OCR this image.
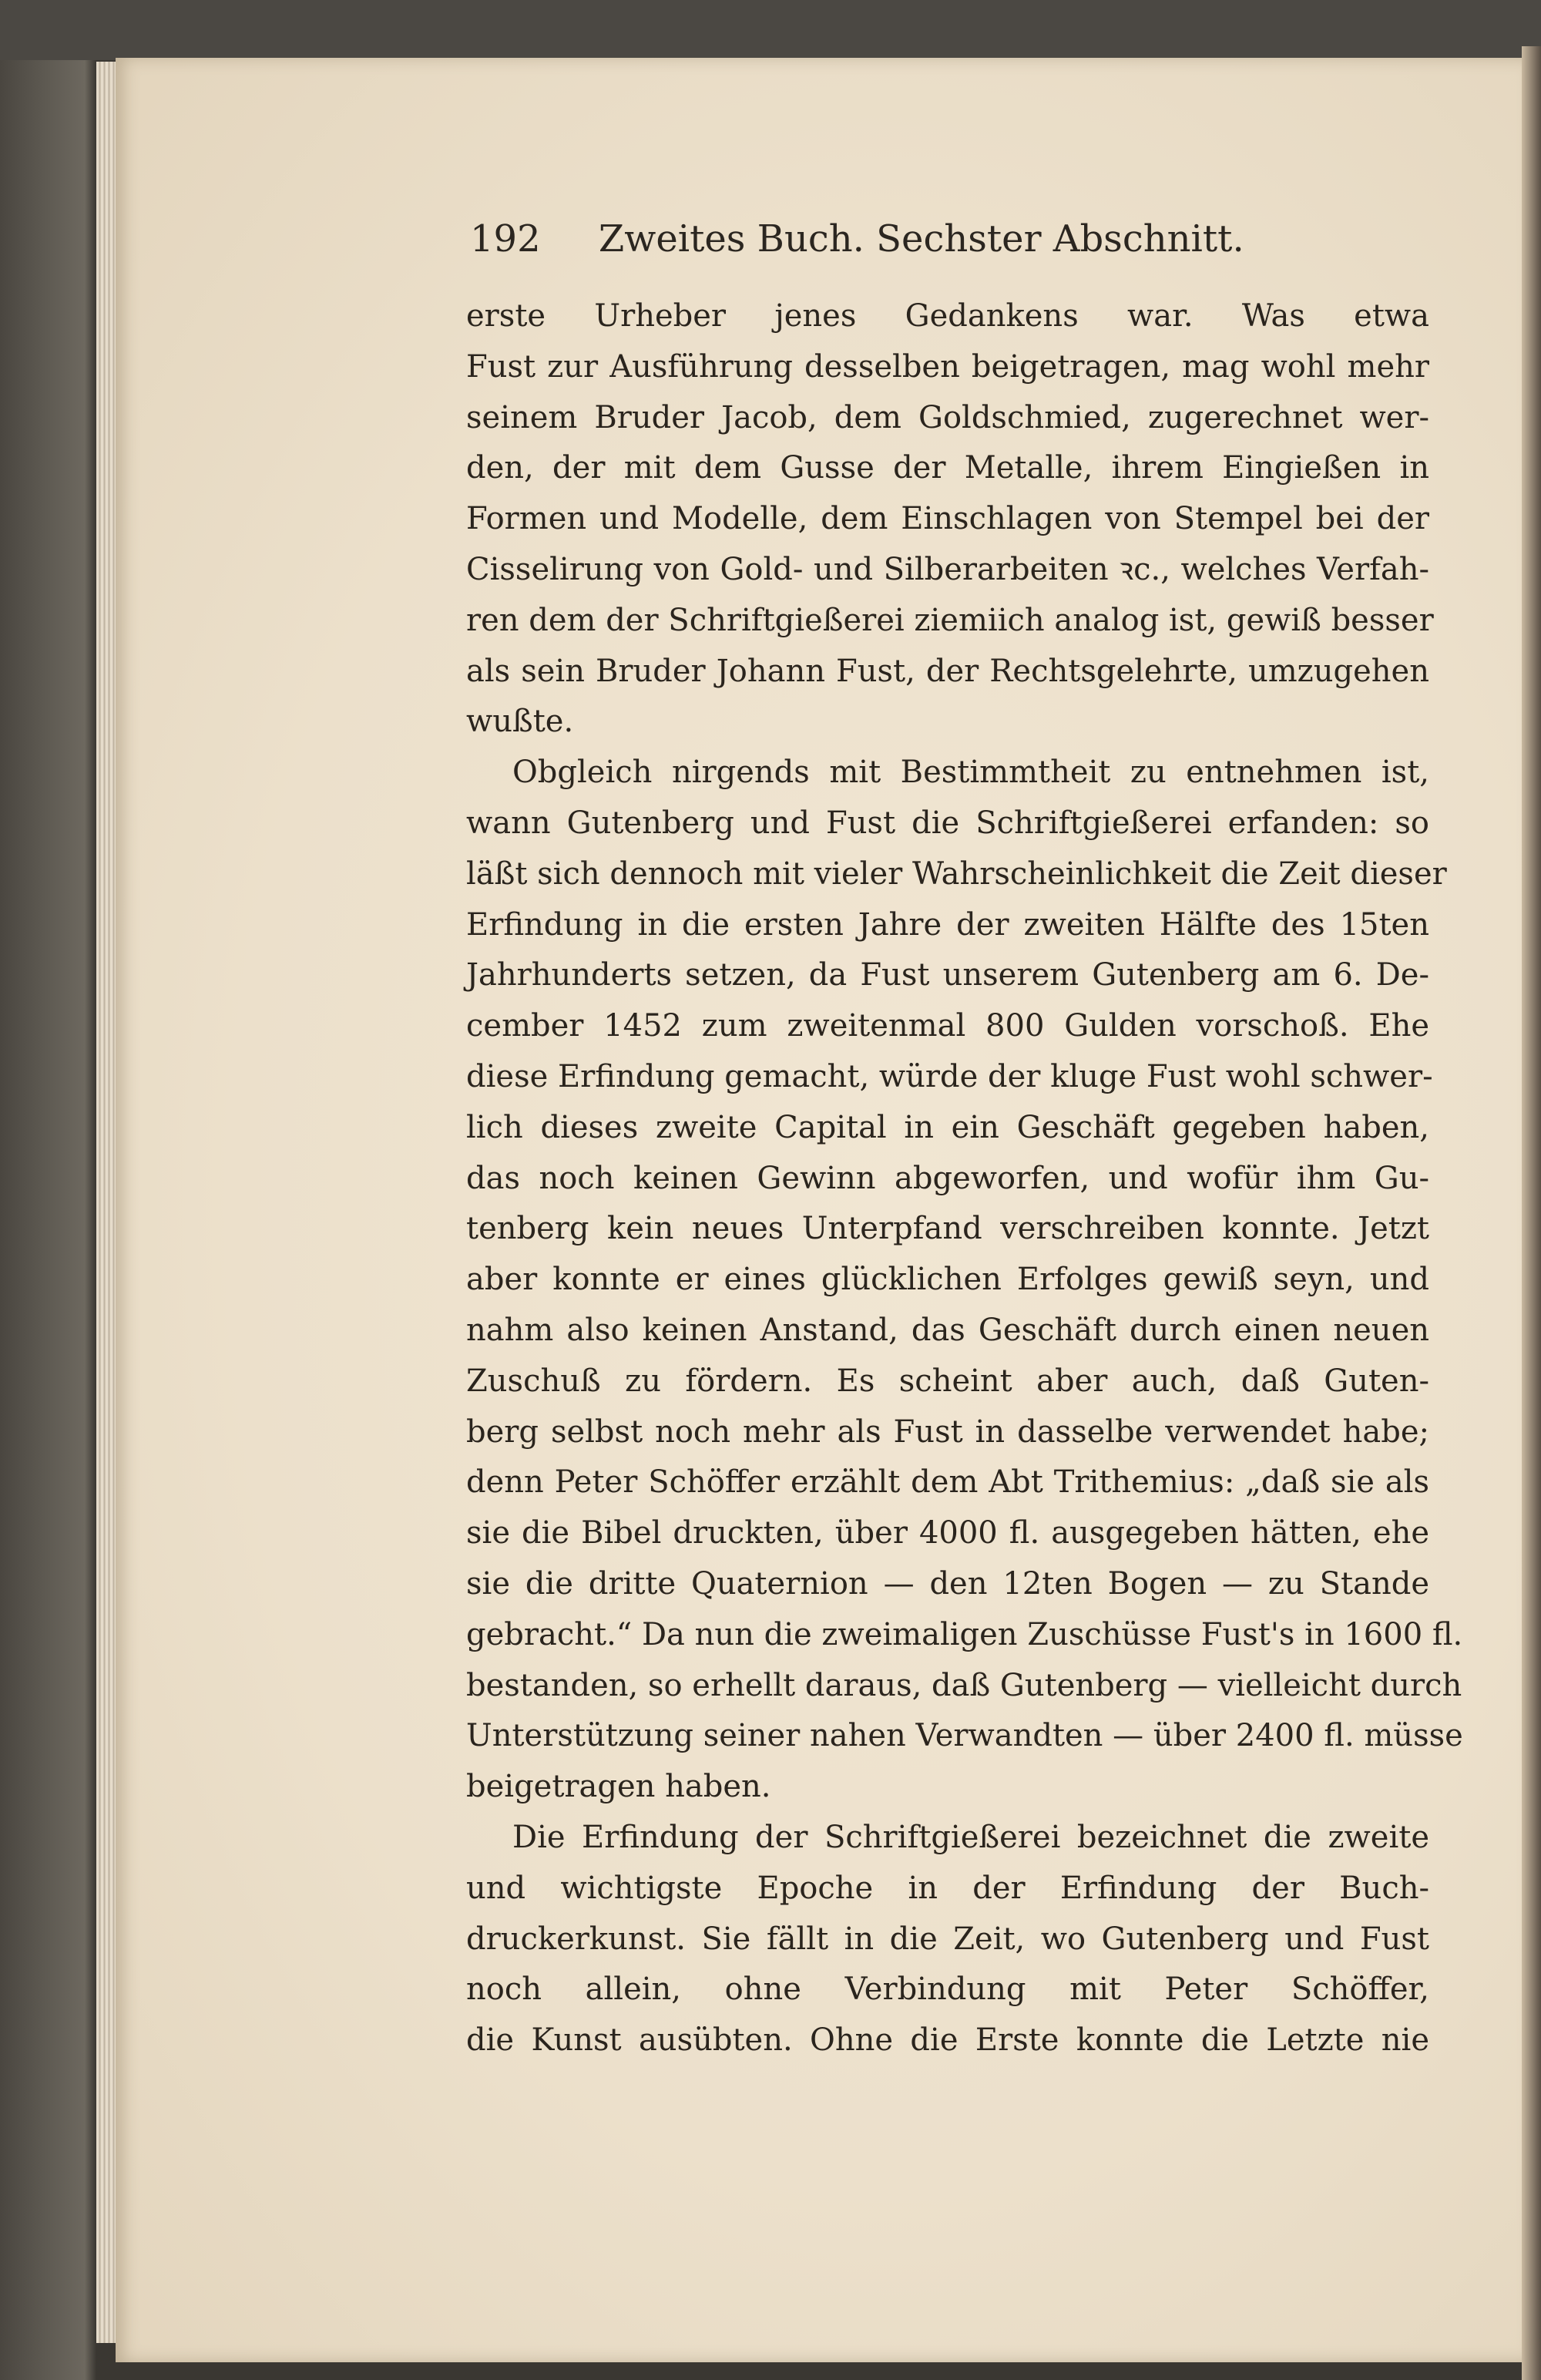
192 Zweites Buch. Sechster Abschnitt.
erste Urheber jenes Gedankens war. Was etwa
Fust zur Ausführung desselben beigetragen, mag wohl mehr
seinem Bruder Jacob, dem Goldschmied, zugerechnet wer-
den, der mit dem Gusse der Metalle, ihrem Eingießen in
Formen und Modelle, dem Einschlagen von Stempel bei der
Cisselirung von Gold- und Silberarbeiten ꝛc., welches Verfah-
ren dem der Schriftgießerei ziemiich analog ist, gewiß besser
als sein Bruder Johann Fust, der Rechtsgelehrte, umzugehen
wußte.
Obgleich nirgends mit Bestimmtheit zu entnehmen ist,
wann Gutenberg und Fust die Schriftgießerei erfanden: so
läßt sich dennoch mit vieler Wahrscheinlichkeit die Zeit dieser
Erfindung in die ersten Jahre der zweiten Hälfte des 15ten
Jahrhunderts setzen, da Fust unserem Gutenberg am 6. De-
cember 1452 zum zweitenmal 800 Gulden vorschoß. Ehe
diese Erfindung gemacht, würde der kluge Fust wohl schwer-
lich dieses zweite Capital in ein Geschäft gegeben haben,
das noch keinen Gewinn abgeworfen, und wofür ihm Gu-
tenberg kein neues Unterpfand verschreiben konnte. Jetzt
aber konnte er eines glücklichen Erfolges gewiß seyn, und
nahm also keinen Anstand, das Geschäft durch einen neuen
Zuschuß zu fördern. Es scheint aber auch, daß Guten-
berg selbst noch mehr als Fust in dasselbe verwendet habe;
denn Peter Schöffer erzählt dem Abt Trithemius: „daß sie als
sie die Bibel druckten, über 4000 fl. ausgegeben hätten, ehe
sie die dritte Quaternion — den 12ten Bogen — zu Stande
gebracht.“ Da nun die zweimaligen Zuschüsse Fust's in 1600 fl.
bestanden, so erhellt daraus, daß Gutenberg — vielleicht durch
Unterstützung seiner nahen Verwandten — über 2400 fl. müsse
beigetragen haben.
Die Erfindung der Schriftgießerei bezeichnet die zweite
und wichtigste Epoche in der Erfindung der Buch-
druckerkunst. Sie fällt in die Zeit, wo Gutenberg und Fust
noch allein, ohne Verbindung mit Peter Schöffer,
die Kunst ausübten. Ohne die Erste konnte die Letzte nie
